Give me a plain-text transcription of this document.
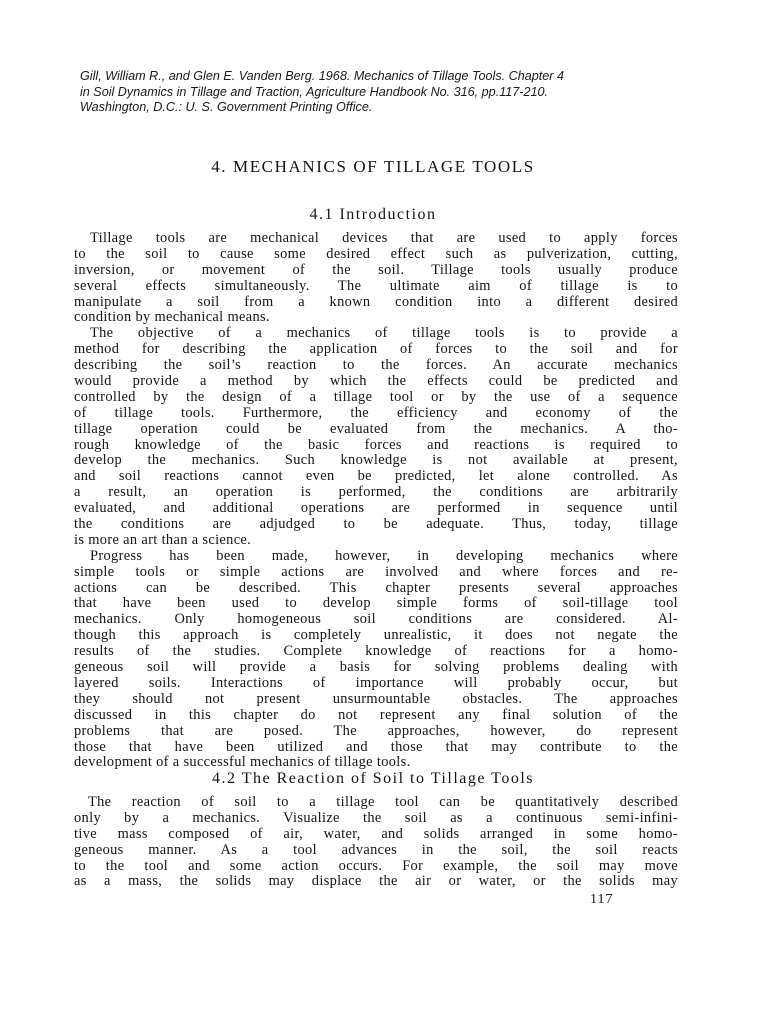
Gill, William R., and Glen E. Vanden Berg. 1968. Mechanics of Tillage Tools. Chapter 4
in Soil Dynamics in Tillage and Traction, Agriculture Handbook No. 316, pp.117-210.
Washington, D.C.: U. S. Government Printing Office.
4. MECHANICS OF TILLAGE TOOLS
4.1 Introduction
Tillage tools are mechanical devices that are used to apply forces
to the soil to cause some desired effect such as pulverization, cutting,
inversion, or movement of the soil. Tillage tools usually produce
several effects simultaneously. The ultimate aim of tillage is to
manipulate a soil from a known condition into a different desired
condition by mechanical means.
The objective of a mechanics of tillage tools is to provide a
method for describing the application of forces to the soil and for
describing the soil’s reaction to the forces. An accurate mechanics
would provide a method by which the effects could be predicted and
controlled by the design of a tillage tool or by the use of a sequence
of tillage tools. Furthermore, the efficiency and economy of the
tillage operation could be evaluated from the mechanics. A tho-
rough knowledge of the basic forces and reactions is required to
develop the mechanics. Such knowledge is not available at present,
and soil reactions cannot even be predicted, let alone controlled. As
a result, an operation is performed, the conditions are arbitrarily
evaluated, and additional operations are performed in sequence until
the conditions are adjudged to be adequate. Thus, today, tillage
is more an art than a science.
Progress has been made, however, in developing mechanics where
simple tools or simple actions are involved and where forces and re-
actions can be described. This chapter presents several approaches
that have been used to develop simple forms of soil-tillage tool
mechanics. Only homogeneous soil conditions are considered. Al-
though this approach is completely unrealistic, it does not negate the
results of the studies. Complete knowledge of reactions for a homo-
geneous soil will provide a basis for solving problems dealing with
layered soils. Interactions of importance will probably occur, but
they should not present unsurmountable obstacles. The approaches
discussed in this chapter do not represent any final solution of the
problems that are posed. The approaches, however, do represent
those that have been utilized and those that may contribute to the
development of a successful mechanics of tillage tools.
4.2 The Reaction of Soil to Tillage Tools
The reaction of soil to a tillage tool can be quantitatively described
only by a mechanics. Visualize the soil as a continuous semi-infini-
tive mass composed of air, water, and solids arranged in some homo-
geneous manner. As a tool advances in the soil, the soil reacts
to the tool and some action occurs. For example, the soil may move
as a mass, the solids may displace the air or water, or the solids may
117
